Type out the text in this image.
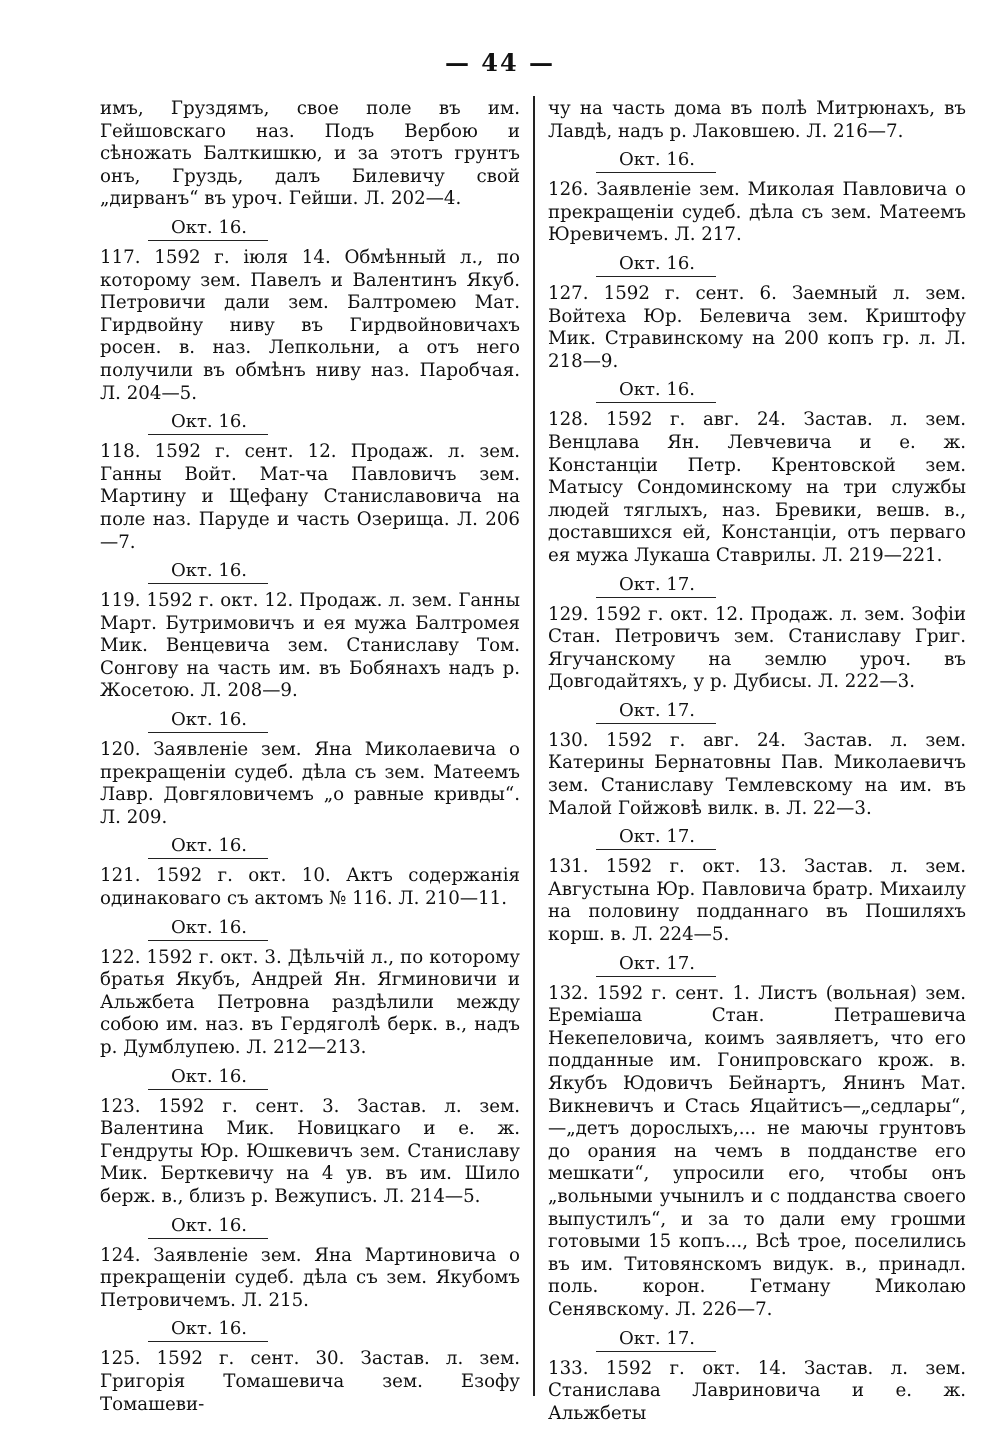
— 44 —

имъ, Груздямъ, свое поле въ им. Гейшовскаго наз. Подъ Вербою и сѣножать Балткишкю, и за этотъ грунтъ онъ, Груздь, далъ Билевичу свой „дирванъ“ въ уроч. Гейши. Л. 202—4.

Окт. 16.

117. 1592 г. іюля 14. Обмѣнный л., по которому зем. Павелъ и Валентинъ Якуб. Петровичи дали зем. Балтромею Мат. Гирдвойну ниву въ Гирдвойновичахъ росен. в. наз. Лепкольни, а отъ него получили въ обмѣнъ ниву наз. Паробчая. Л. 204—5.

Окт. 16.

118. 1592 г. сент. 12. Продаж. л. зем. Ганны Войт. Мат-ча Павловичъ зем. Мартину и Щефану Станиславовича на поле наз. Паруде и часть Озерища. Л. 206—7.

Окт. 16.

119. 1592 г. окт. 12. Продаж. л. зем. Ганны Март. Бутримовичъ и ея мужа Балтромея Мик. Венцевича зем. Станиславу Том. Сонгову на часть им. въ Бобянахъ надъ р. Жосетою. Л. 208—9.

Окт. 16.

120. Заявленіе зем. Яна Миколаевича о прекращеніи судеб. дѣла съ зем. Матеемъ Лавр. Довгяловичемъ „о равные кривды“. Л. 209.

Окт. 16.

121. 1592 г. окт. 10. Актъ содержанія одинаковаго съ актомъ № 116. Л. 210—11.

Окт. 16.

122. 1592 г. окт. 3. Дѣльчій л., по которому братья Якубъ, Андрей Ян. Ягминовичи и Альжбета Петровна раздѣлили между собою им. наз. въ Гердяголѣ берк. в., надъ р. Думблупею. Л. 212—213.

Окт. 16.

123. 1592 г. сент. 3. Застав. л. зем. Валентина Мик. Новицкаго и е. ж. Гендруты Юр. Юшкевичъ зем. Станиславу Мик. Берткевичу на 4 ув. въ им. Шило берж. в., близъ р. Вежуписъ. Л. 214—5.

Окт. 16.

124. Заявленіе зем. Яна Мартиновича о прекращеніи судеб. дѣла съ зем. Якубомъ Петровичемъ. Л. 215.

Окт. 16.

125. 1592 г. сент. 30. Застав. л. зем. Григорія Томашевича зем. Езофу Томашеви-

чу на часть дома въ полѣ Митрюнахъ, въ Лавдѣ, надъ р. Лаковшею. Л. 216—7.

Окт. 16.

126. Заявленіе зем. Миколая Павловича о прекращеніи судеб. дѣла съ зем. Матеемъ Юревичемъ. Л. 217.

Окт. 16.

127. 1592 г. сент. 6. Заемный л. зем. Войтеха Юр. Белевича зем. Криштофу Мик. Стравинскому на 200 копъ гр. л. Л. 218—9.

Окт. 16.

128. 1592 г. авг. 24. Застав. л. зем. Венцлава Ян. Левчевича и е. ж. Констанціи Петр. Крентовской зем. Матысу Сондоминскому на три службы людей тяглыхъ, наз. Бревики, вешв. в., доставшихся ей, Констанціи, отъ перваго ея мужа Лукаша Ставрилы. Л. 219—221.

Окт. 17.

129. 1592 г. окт. 12. Продаж. л. зем. Зофіи Стан. Петровичъ зем. Станиславу Григ. Ягучанскому на землю уроч. въ Довгодайтяхъ, у р. Дубисы. Л. 222—3.

Окт. 17.

130. 1592 г. авг. 24. Застав. л. зем. Катерины Бернатовны Пав. Миколаевичъ зем. Станиславу Темлевскому на им. въ Малой Гойжовѣ вилк. в. Л. 22—3.

Окт. 17.

131. 1592 г. окт. 13. Застав. л. зем. Августына Юр. Павловича братр. Михаилу на половину подданнаго въ Пошиляхъ корш. в. Л. 224—5.

Окт. 17.

132. 1592 г. сент. 1. Листъ (вольная) зем. Еремiаша Стан. Петрашевича Некепеловича, коимъ заявляетъ, что его подданные им. Гонипровскаго крож. в. Якубъ Юдовичъ Бейнартъ, Янинъ Мат. Викневичъ и Стась Яцайтисъ—„седлары“,—„детъ дорослыхъ,... не маючы грунтовъ до орания на чемъ в подданстве его мешкати“, упросили его, чтобы онъ „вольными учынилъ и с подданства своего выпустилъ“, и за то дали ему грошми готовыми 15 копъ..., Всѣ трое, поселились въ им. Титовянскомъ видук. в., принадл. поль. корон. Гетману Миколаю Сенявскому. Л. 226—7.

Окт. 17.

133. 1592 г. окт. 14. Застав. л. зем. Станислава Лавриновича и е. ж. Альжбеты
